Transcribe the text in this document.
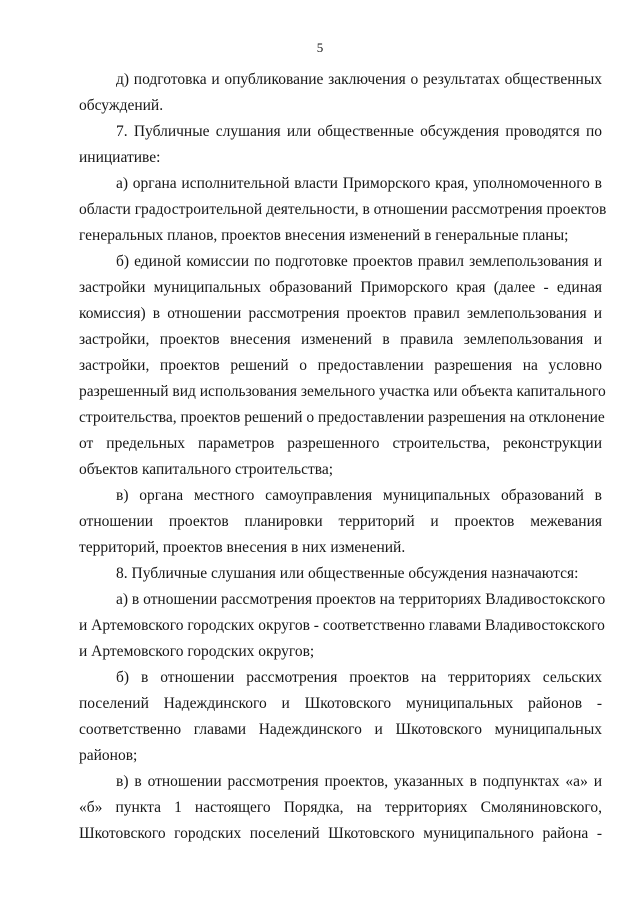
5
д) подготовка и опубликование заключения о результатах общественных
обсуждений.
7. Публичные слушания или общественные обсуждения проводятся по
инициативе:
а) органа исполнительной власти Приморского края, уполномоченного в
области градостроительной деятельности, в отношении рассмотрения проектов
генеральных планов, проектов внесения изменений в генеральные планы;
б) единой комиссии по подготовке проектов правил землепользования и
застройки муниципальных образований Приморского края (далее - единая
комиссия) в отношении рассмотрения проектов правил землепользования и
застройки, проектов внесения изменений в правила землепользования и
застройки, проектов решений о предоставлении разрешения на условно
разрешенный вид использования земельного участка или объекта капитального
строительства, проектов решений о предоставлении разрешения на отклонение
от предельных параметров разрешенного строительства, реконструкции
объектов капитального строительства;
в) органа местного самоуправления муниципальных образований в
отношении проектов планировки территорий и проектов межевания
территорий, проектов внесения в них изменений.
8. Публичные слушания или общественные обсуждения назначаются:
а) в отношении рассмотрения проектов на территориях Владивостокского
и Артемовского городских округов - соответственно главами Владивостокского
и Артемовского городских округов;
б) в отношении рассмотрения проектов на территориях сельских
поселений Надеждинского и Шкотовского муниципальных районов -
соответственно главами Надеждинского и Шкотовского муниципальных
районов;
в) в отношении рассмотрения проектов, указанных в подпунктах «а» и
«б» пункта 1 настоящего Порядка, на территориях Смоляниновского,
Шкотовского городских поселений Шкотовского муниципального района -
